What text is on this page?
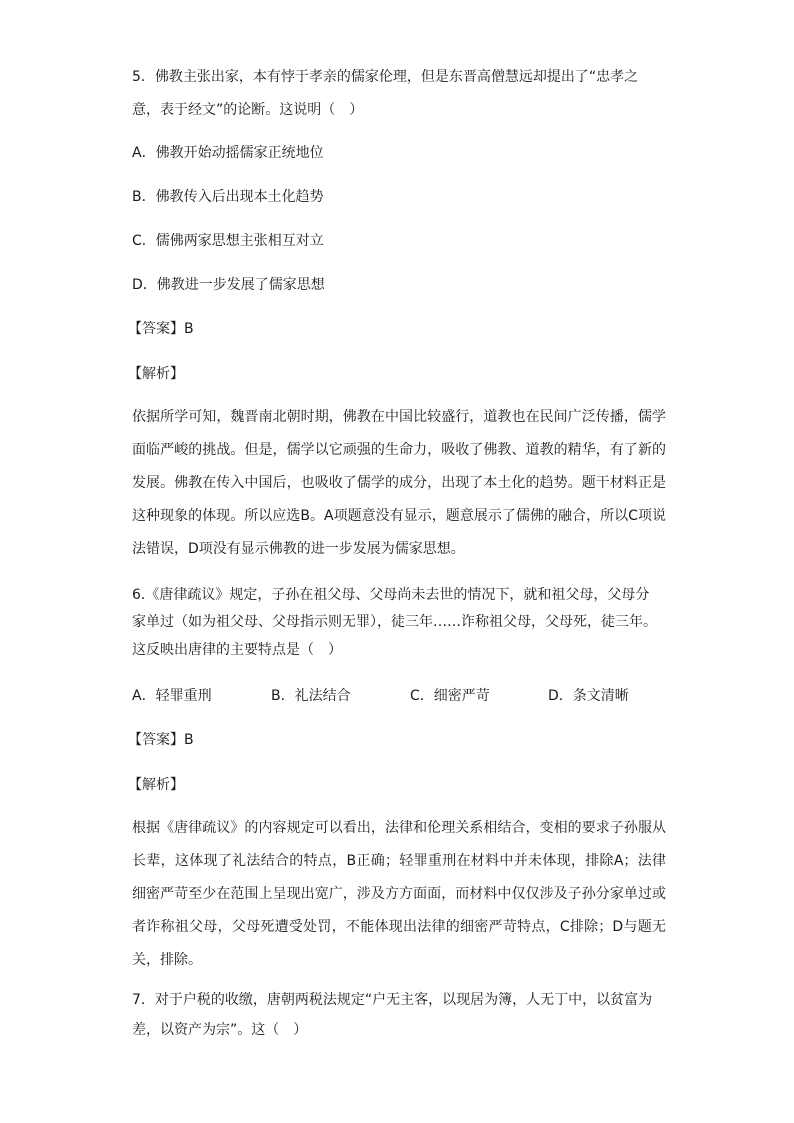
5．佛教主张出家，本有悖于孝亲的儒家伦理，但是东晋高僧慧远却提出了“忠孝之
意，表于经文”的论断。这说明（　）
A．佛教开始动摇儒家正统地位
B．佛教传入后出现本土化趋势
C．儒佛两家思想主张相互对立
D．佛教进一步发展了儒家思想
【答案】B
【解析】
依据所学可知，魏晋南北朝时期，佛教在中国比较盛行，道教也在民间广泛传播，儒学面临严峻的挑战。但是，儒学以它顽强的生命力，吸收了佛教、道教的精华，有了新的发展。佛教在传入中国后，也吸收了儒学的成分，出现了本土化的趋势。题干材料正是这种现象的体现。所以应选B。A项题意没有显示，题意展示了儒佛的融合，所以C项说法错误，D项没有显示佛教的进一步发展为儒家思想。
6.《唐律疏议》规定，子孙在祖父母、父母尚未去世的情况下，就和祖父母，父母分
家单过（如为祖父母、父母指示则无罪），徒三年……诈称祖父母，父母死，徒三年。
这反映出唐律的主要特点是（　）
A．轻罪重刑	B．礼法结合	C．细密严苛	D．条文清晰
【答案】B
【解析】
根据《唐律疏议》的内容规定可以看出，法律和伦理关系相结合，变相的要求子孙服从长辈，这体现了礼法结合的特点，B正确；轻罪重刑在材料中并未体现，排除A；法律细密严苛至少在范围上呈现出宽广，涉及方方面面，而材料中仅仅涉及子孙分家单过或者诈称祖父母，父母死遭受处罚，不能体现出法律的细密严苛特点，C排除；D与题无关，排除。
7．对于户税的收缴，唐朝两税法规定“户无主客，以现居为簿，人无丁中，以贫富为
差，以资产为宗”。这（　）
